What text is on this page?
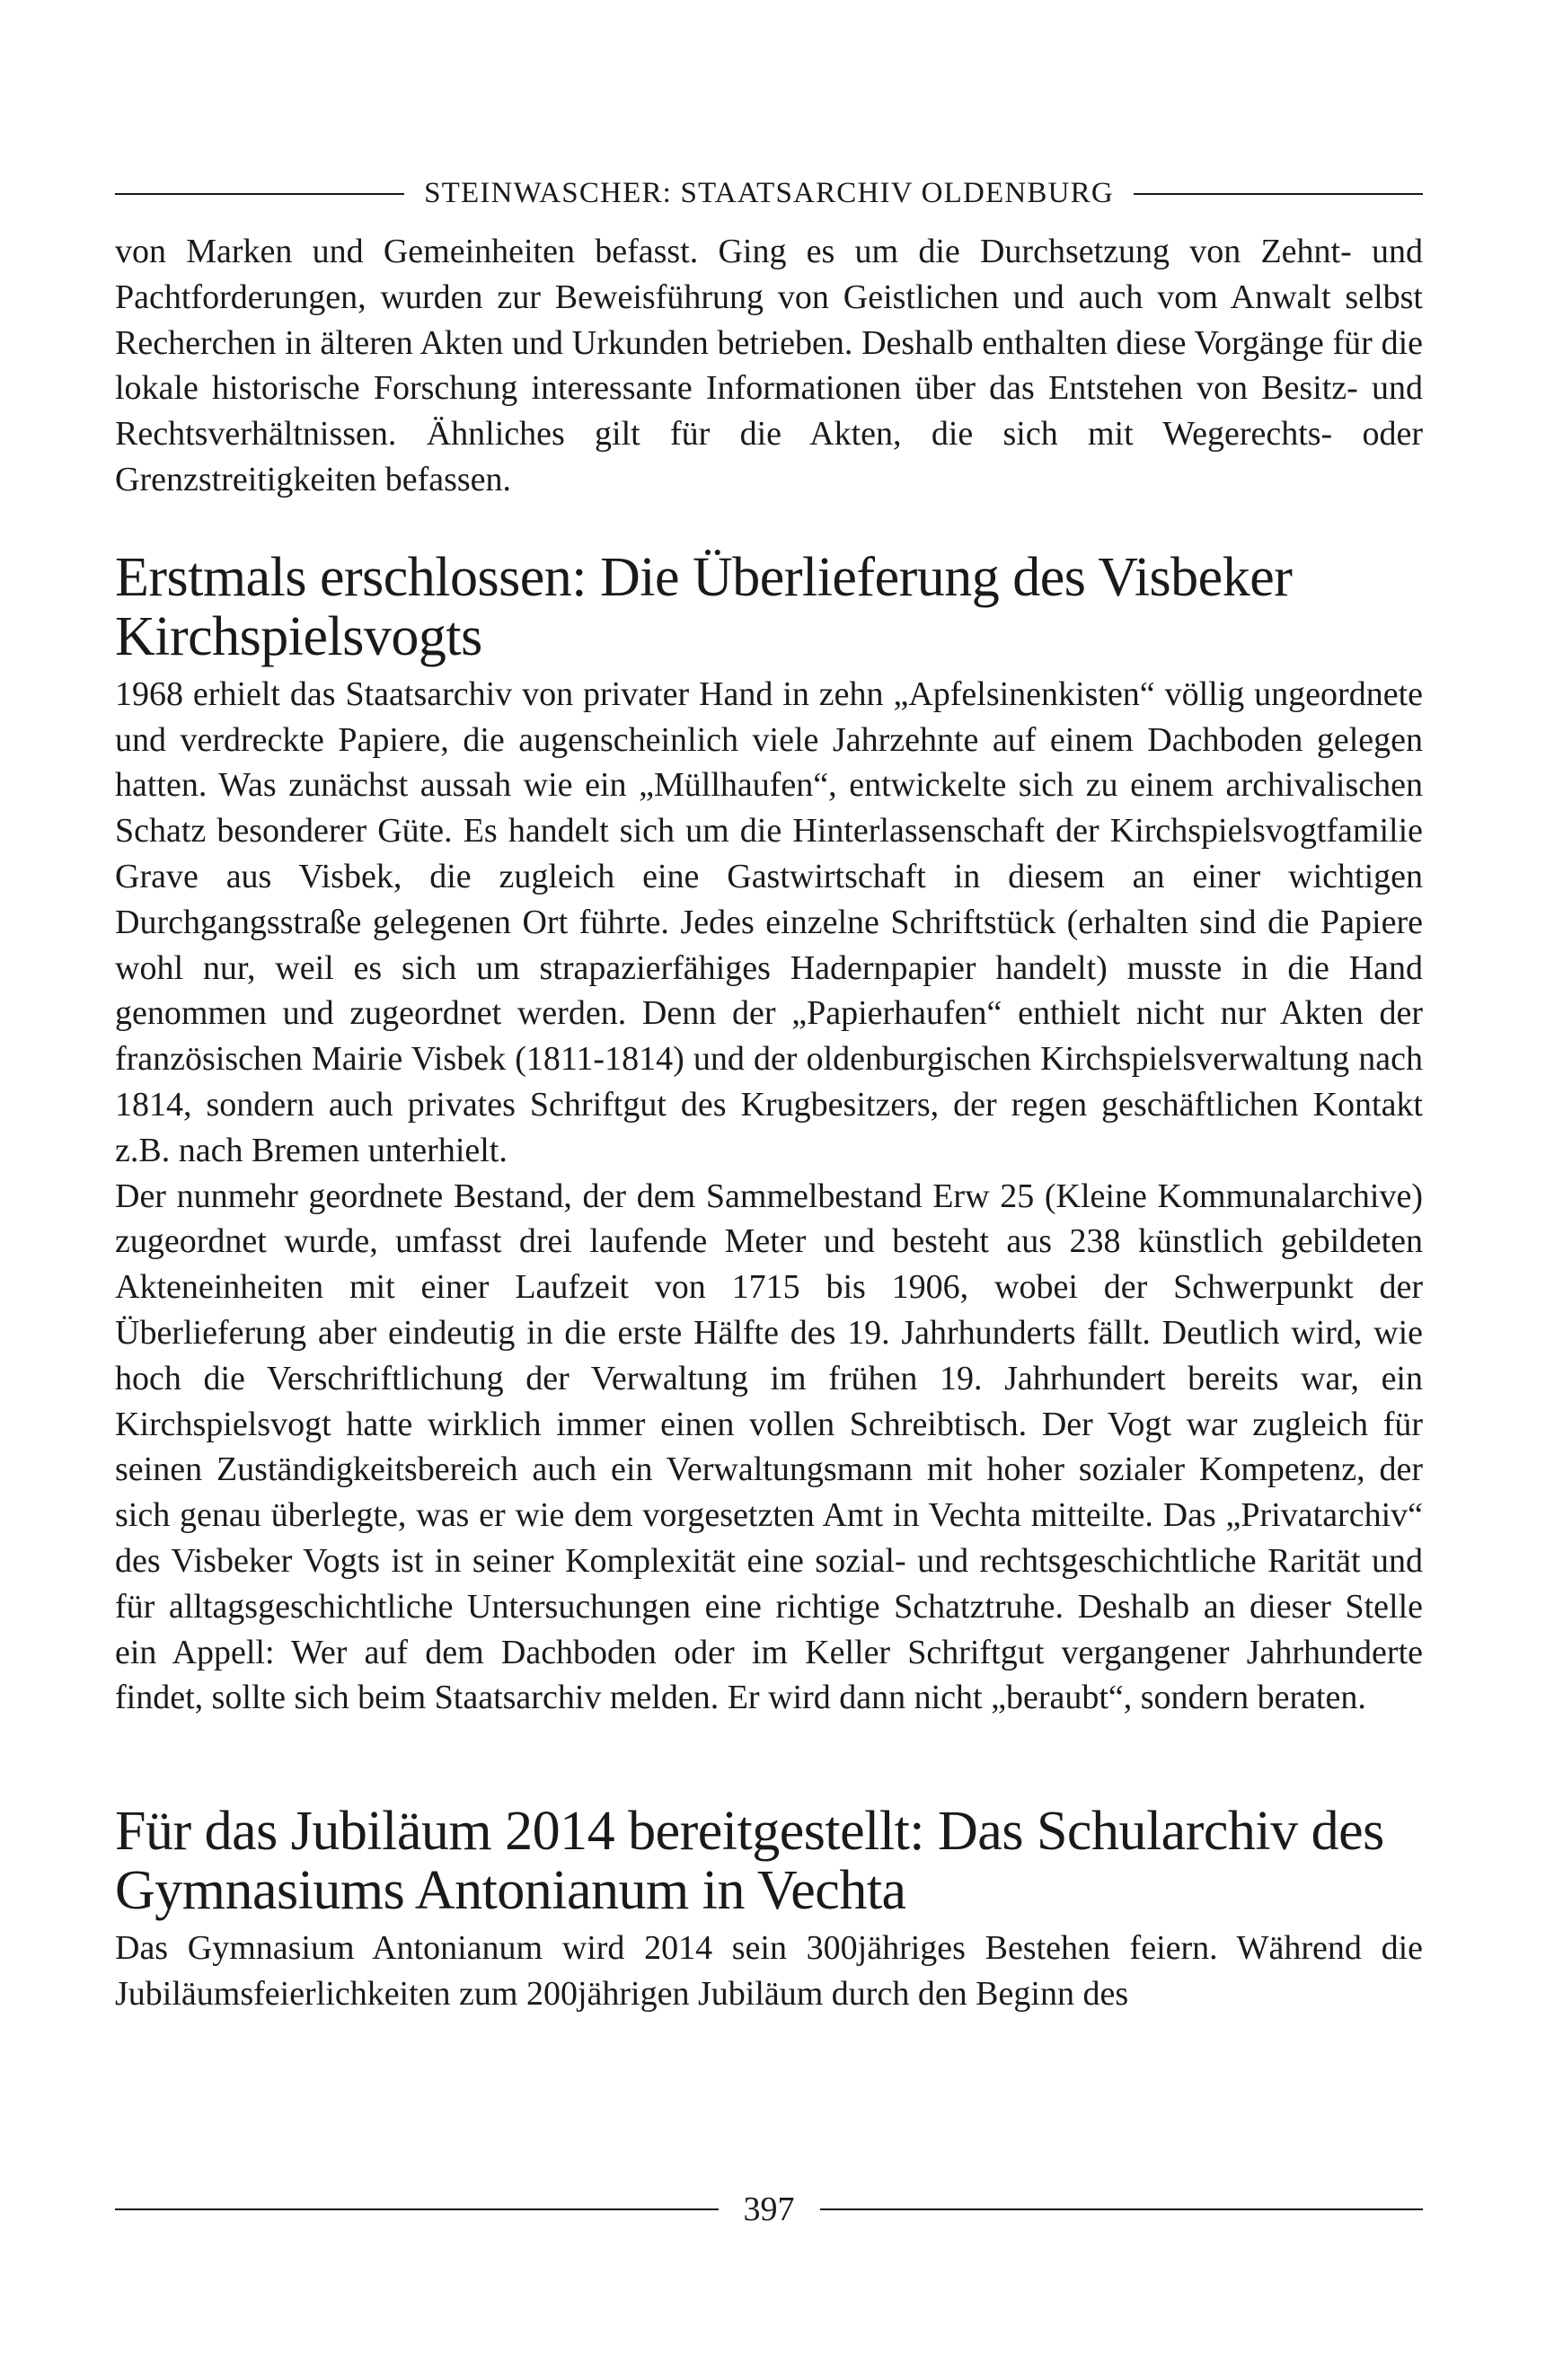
STEINWASCHER: STAATSARCHIV OLDENBURG

von Marken und Gemeinheiten befasst. Ging es um die Durchsetzung von Zehnt- und Pachtforderungen, wurden zur Beweisführung von Geistlichen und auch vom Anwalt selbst Recherchen in älteren Akten und Urkunden betrieben. Deshalb enthalten diese Vorgänge für die lokale historische Forschung interessante Informationen über das Entstehen von Besitz- und Rechtsverhältnissen. Ähnliches gilt für die Akten, die sich mit Wegerechts- oder Grenzstreitigkeiten befassen.

Erstmals erschlossen: Die Überlieferung des Visbeker Kirchspielsvogts

1968 erhielt das Staatsarchiv von privater Hand in zehn „Apfelsinenkisten“ völlig ungeordnete und verdreckte Papiere, die augenscheinlich viele Jahrzehnte auf einem Dachboden gelegen hatten. Was zunächst aussah wie ein „Müllhaufen“, entwickelte sich zu einem archivalischen Schatz besonderer Güte. Es handelt sich um die Hinterlassenschaft der Kirchspielsvogtfamilie Grave aus Visbek, die zugleich eine Gastwirtschaft in diesem an einer wichtigen Durchgangsstraße gelegenen Ort führte. Jedes einzelne Schriftstück (erhalten sind die Papiere wohl nur, weil es sich um strapazierfähiges Hadernpapier handelt) musste in die Hand genommen und zugeordnet werden. Denn der „Papierhaufen“ enthielt nicht nur Akten der französischen Mairie Visbek (1811-1814) und der oldenburgischen Kirchspielsverwaltung nach 1814, sondern auch privates Schriftgut des Krugbesitzers, der regen geschäftlichen Kontakt z.B. nach Bremen unterhielt.

Der nunmehr geordnete Bestand, der dem Sammelbestand Erw 25 (Kleine Kommunalarchive) zugeordnet wurde, umfasst drei laufende Meter und besteht aus 238 künstlich gebildeten Akteneinheiten mit einer Laufzeit von 1715 bis 1906, wobei der Schwerpunkt der Überlieferung aber eindeutig in die erste Hälfte des 19. Jahrhunderts fällt. Deutlich wird, wie hoch die Verschriftlichung der Verwaltung im frühen 19. Jahrhundert bereits war, ein Kirchspielsvogt hatte wirklich immer einen vollen Schreibtisch. Der Vogt war zugleich für seinen Zuständigkeitsbereich auch ein Verwaltungsmann mit hoher sozialer Kompetenz, der sich genau überlegte, was er wie dem vorgesetzten Amt in Vechta mitteilte. Das „Privatarchiv“ des Visbeker Vogts ist in seiner Komplexität eine sozial- und rechtsgeschichtliche Rarität und für alltagsgeschichtliche Untersuchungen eine richtige Schatztruhe. Deshalb an dieser Stelle ein Appell: Wer auf dem Dachboden oder im Keller Schriftgut vergangener Jahrhunderte findet, sollte sich beim Staatsarchiv melden. Er wird dann nicht „beraubt“, sondern beraten.

Für das Jubiläum 2014 bereitgestellt: Das Schularchiv des Gymnasiums Antonianum in Vechta

Das Gymnasium Antonianum wird 2014 sein 300jähriges Bestehen feiern. Während die Jubiläumsfeierlichkeiten zum 200jährigen Jubiläum durch den Beginn des

397
